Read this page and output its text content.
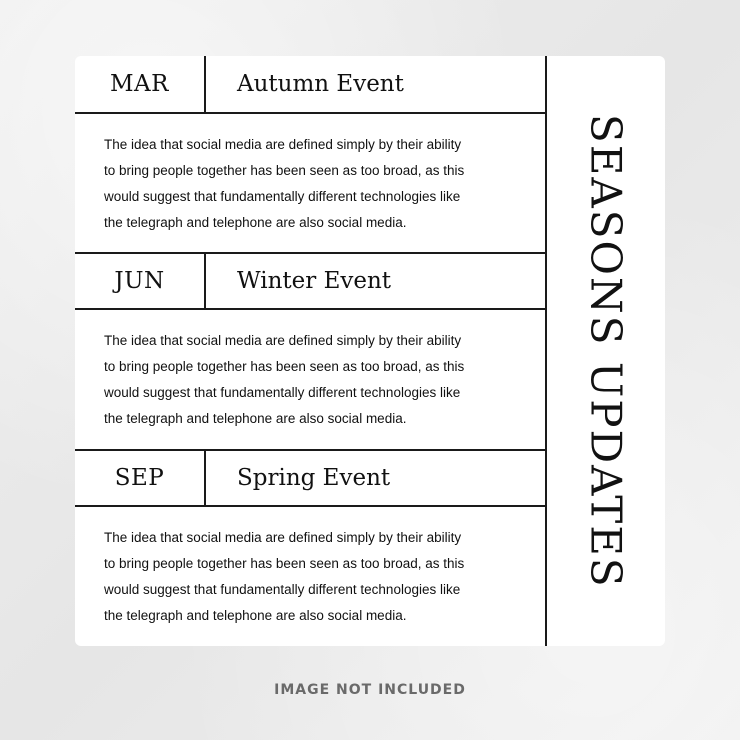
MAR	Autumn Event
The idea that social media are defined simply by their ability
to bring people together has been seen as too broad, as this
would suggest that fundamentally different technologies like
the telegraph and telephone are also social media.
JUN	Winter Event
The idea that social media are defined simply by their ability
to bring people together has been seen as too broad, as this
would suggest that fundamentally different technologies like
the telegraph and telephone are also social media.
SEP	Spring Event
The idea that social media are defined simply by their ability
to bring people together has been seen as too broad, as this
would suggest that fundamentally different technologies like
the telegraph and telephone are also social media.
SEASONS UPDATES
IMAGE NOT INCLUDED
